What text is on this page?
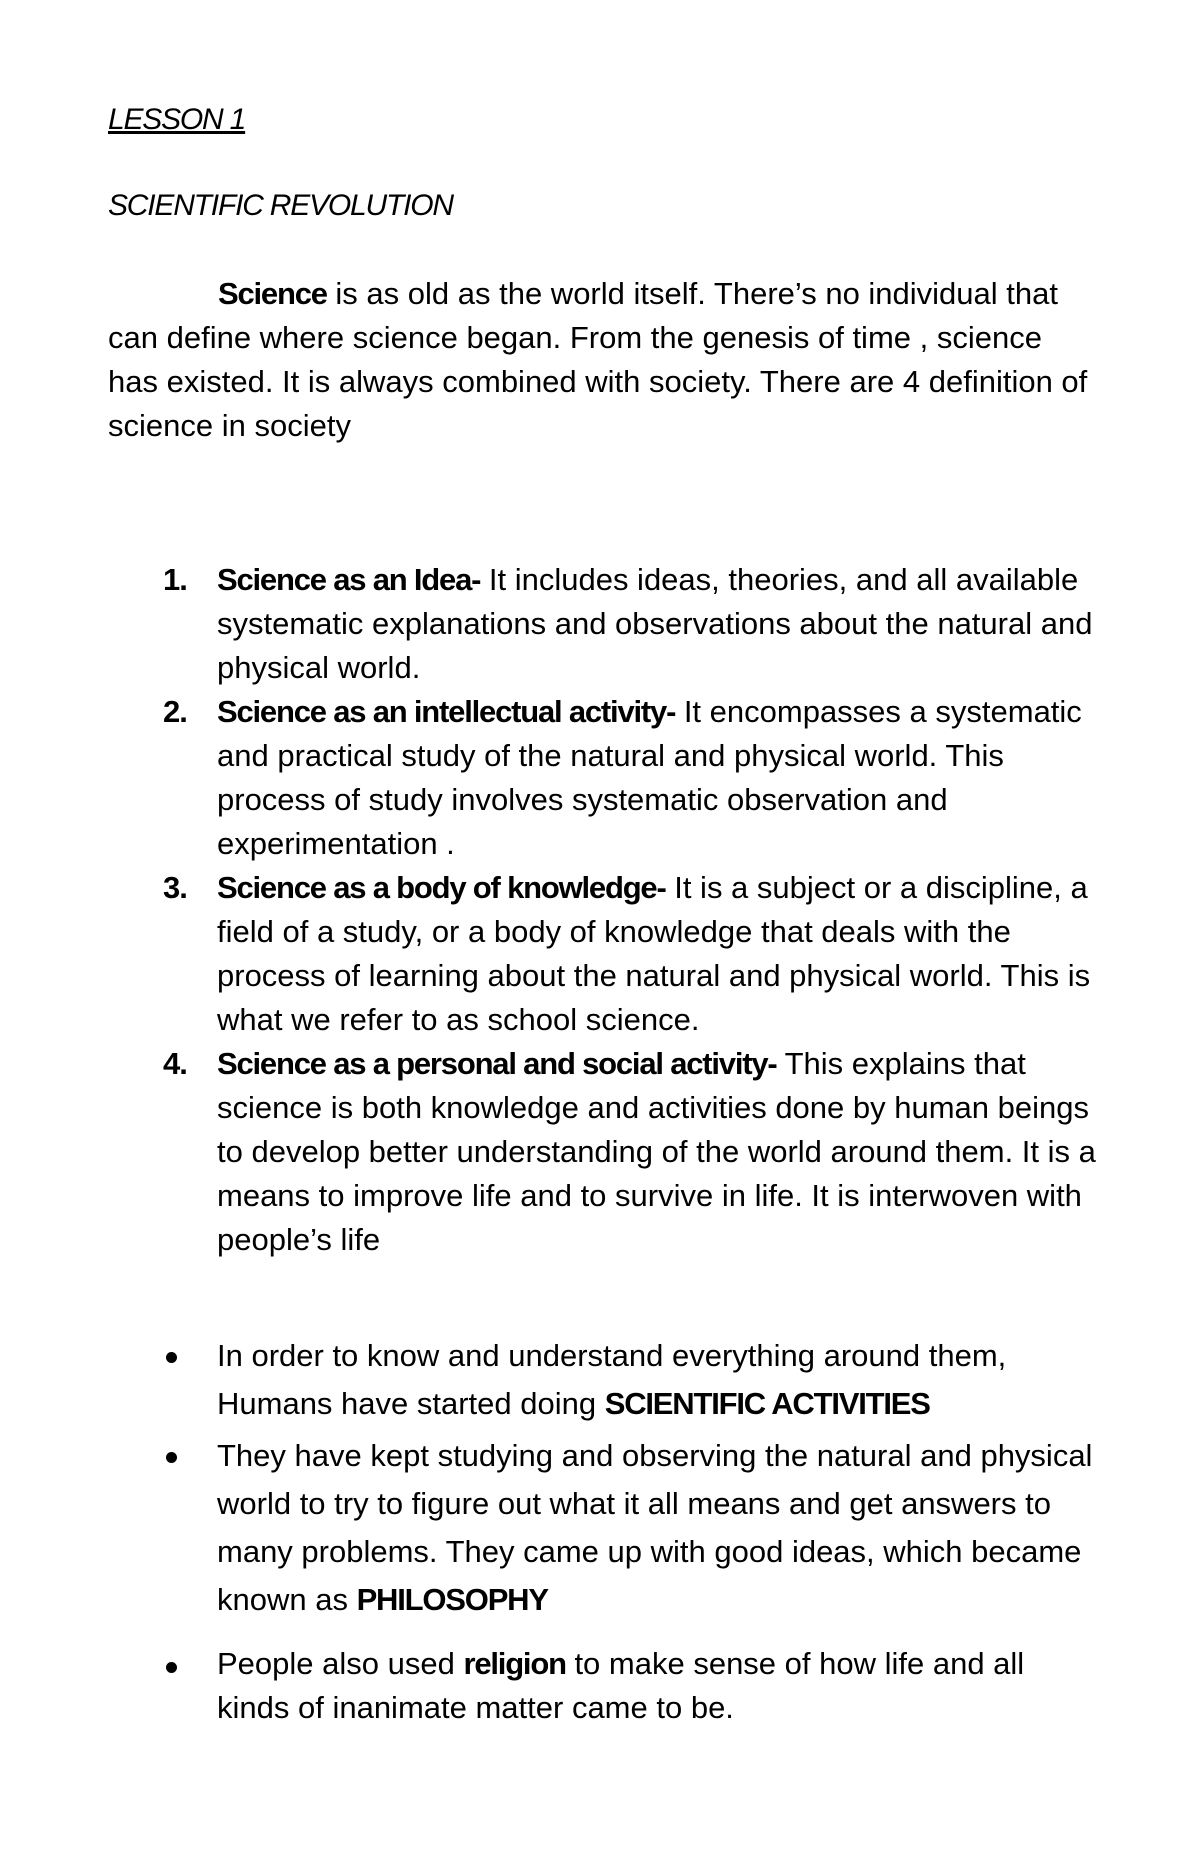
LESSON 1

SCIENTIFIC REVOLUTION

Science is as old as the world itself. There’s no individual that can define where science began. From the genesis of time , science has existed. It is always combined with society. There are 4 definition of science in society

1. Science as an Idea- It includes ideas, theories, and all available systematic explanations and observations about the natural and physical world.
2. Science as an intellectual activity- It encompasses a systematic and practical study of the natural and physical world. This process of study involves systematic observation and experimentation .
3. Science as a body of knowledge- It is a subject or a discipline, a field of a study, or a body of knowledge that deals with the process of learning about the natural and physical world. This is what we refer to as school science.
4. Science as a personal and social activity- This explains that science is both knowledge and activities done by human beings to develop better understanding of the world around them. It is a means to improve life and to survive in life. It is interwoven with people’s life
In order to know and understand everything around them, Humans have started doing SCIENTIFIC ACTIVITIES
They have kept studying and observing the natural and physical world to try to figure out what it all means and get answers to many problems. They came up with good ideas, which became known as PHILOSOPHY
People also used religion to make sense of how life and all kinds of inanimate matter came to be.
